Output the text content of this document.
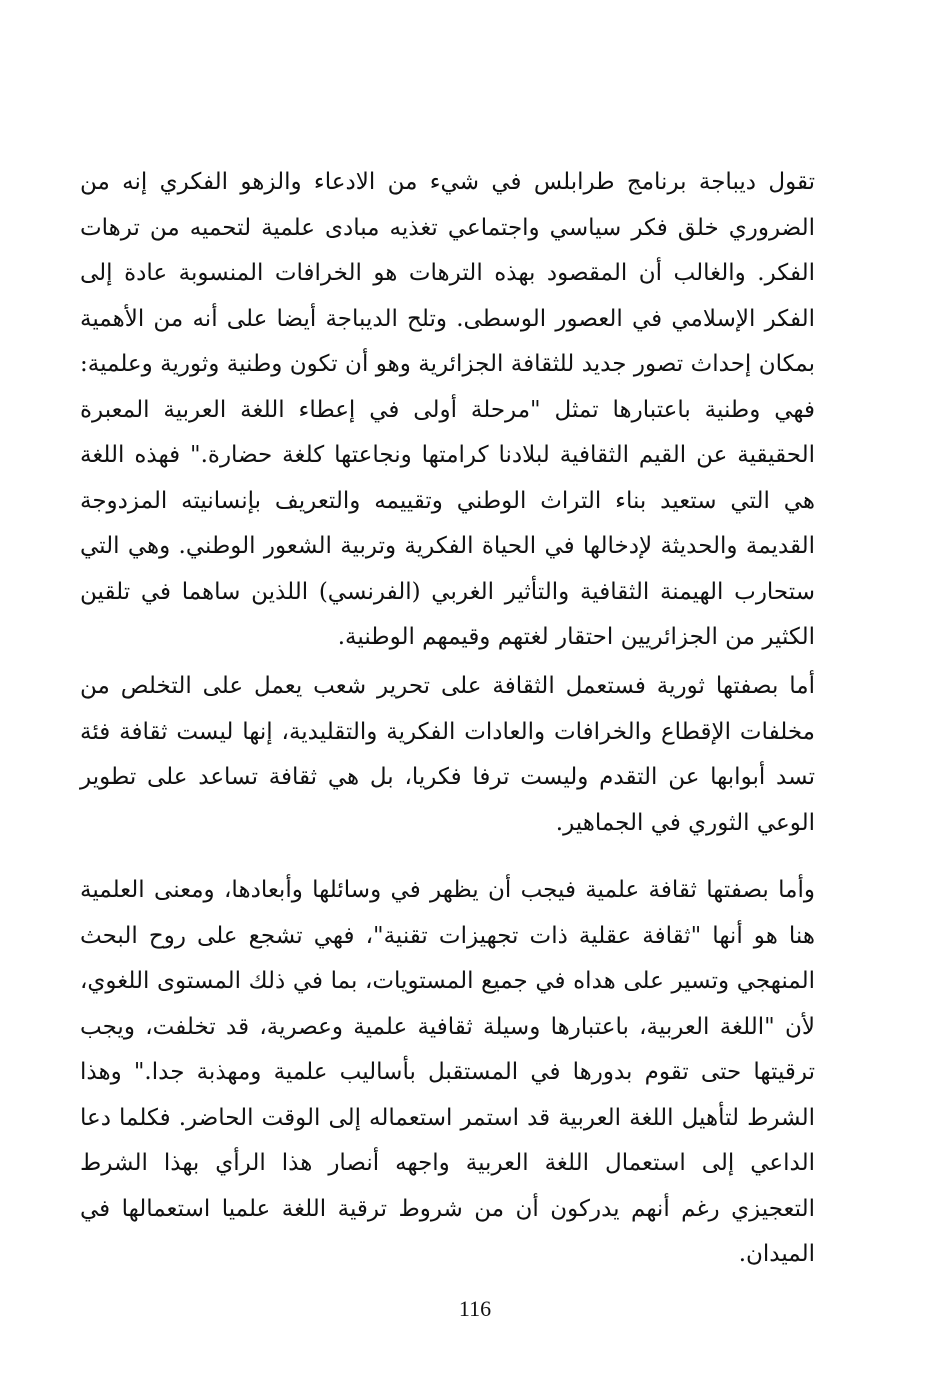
تقول ديباجة برنامج طرابلس في شيء من الادعاء والزهو الفكري إنه من الضروري خلق فكر سياسي واجتماعي تغذيه مبادى علمية لتحميه من ترهات الفكر. والغالب أن المقصود بهذه الترهات هو الخرافات المنسوبة عادة إلى الفكر الإسلامي في العصور الوسطى. وتلح الديباجة أيضا على أنه من الأهمية بمكان إحداث تصور جديد للثقافة الجزائرية وهو أن تكون وطنية وثورية وعلمية: فهي وطنية باعتبارها تمثل "مرحلة أولى في إعطاء اللغة العربية المعبرة الحقيقية عن القيم الثقافية لبلادنا كرامتها ونجاعتها كلغة حضارة." فهذه اللغة هي التي ستعيد بناء التراث الوطني وتقييمه والتعريف بإنسانيته المزدوجة القديمة والحديثة لإدخالها في الحياة الفكرية وتربية الشعور الوطني. وهي التي ستحارب الهيمنة الثقافية والتأثير الغربي (الفرنسي) اللذين ساهما في تلقين الكثير من الجزائريين احتقار لغتهم وقيمهم الوطنية.

أما بصفتها ثورية فستعمل الثقافة على تحرير شعب يعمل على التخلص من مخلفات الإقطاع والخرافات والعادات الفكرية والتقليدية، إنها ليست ثقافة فئة تسد أبوابها عن التقدم وليست ترفا فكريا، بل هي ثقافة تساعد على تطوير الوعي الثوري في الجماهير.

وأما بصفتها ثقافة علمية فيجب أن يظهر في وسائلها وأبعادها، ومعنى العلمية هنا هو أنها "ثقافة عقلية ذات تجهيزات تقنية"، فهي تشجع على روح البحث المنهجي وتسير على هداه في جميع المستويات، بما في ذلك المستوى اللغوي، لأن "اللغة العربية، باعتبارها وسيلة ثقافية علمية وعصرية، قد تخلفت، ويجب ترقيتها حتى تقوم بدورها في المستقبل بأساليب علمية ومهذبة جدا." وهذا الشرط لتأهيل اللغة العربية قد استمر استعماله إلى الوقت الحاضر. فكلما دعا الداعي إلى استعمال اللغة العربية واجهه أنصار هذا الرأي بهذا الشرط التعجيزي رغم أنهم يدركون أن من شروط ترقية اللغة علميا استعمالها في الميدان.

116
